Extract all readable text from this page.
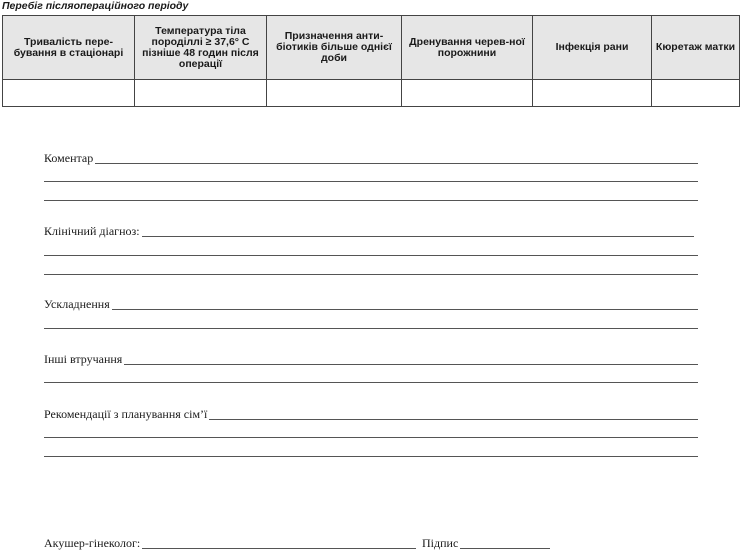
Перебіг післяопераційного періоду
Тривалість пере-бування в стаціонарі	Температура тіла породіллі ≥ 37,6° С пізніше 48 годин після операції	Призначення анти-біотиків більше однієї доби	Дренування черев-ної порожнини	Інфекція рани	Кюретаж матки

Коментар
Клінічний діагноз:
Ускладнення
Інші втручання
Рекомендації з планування сім’ї
Акушер-гінеколог:	Підпис
